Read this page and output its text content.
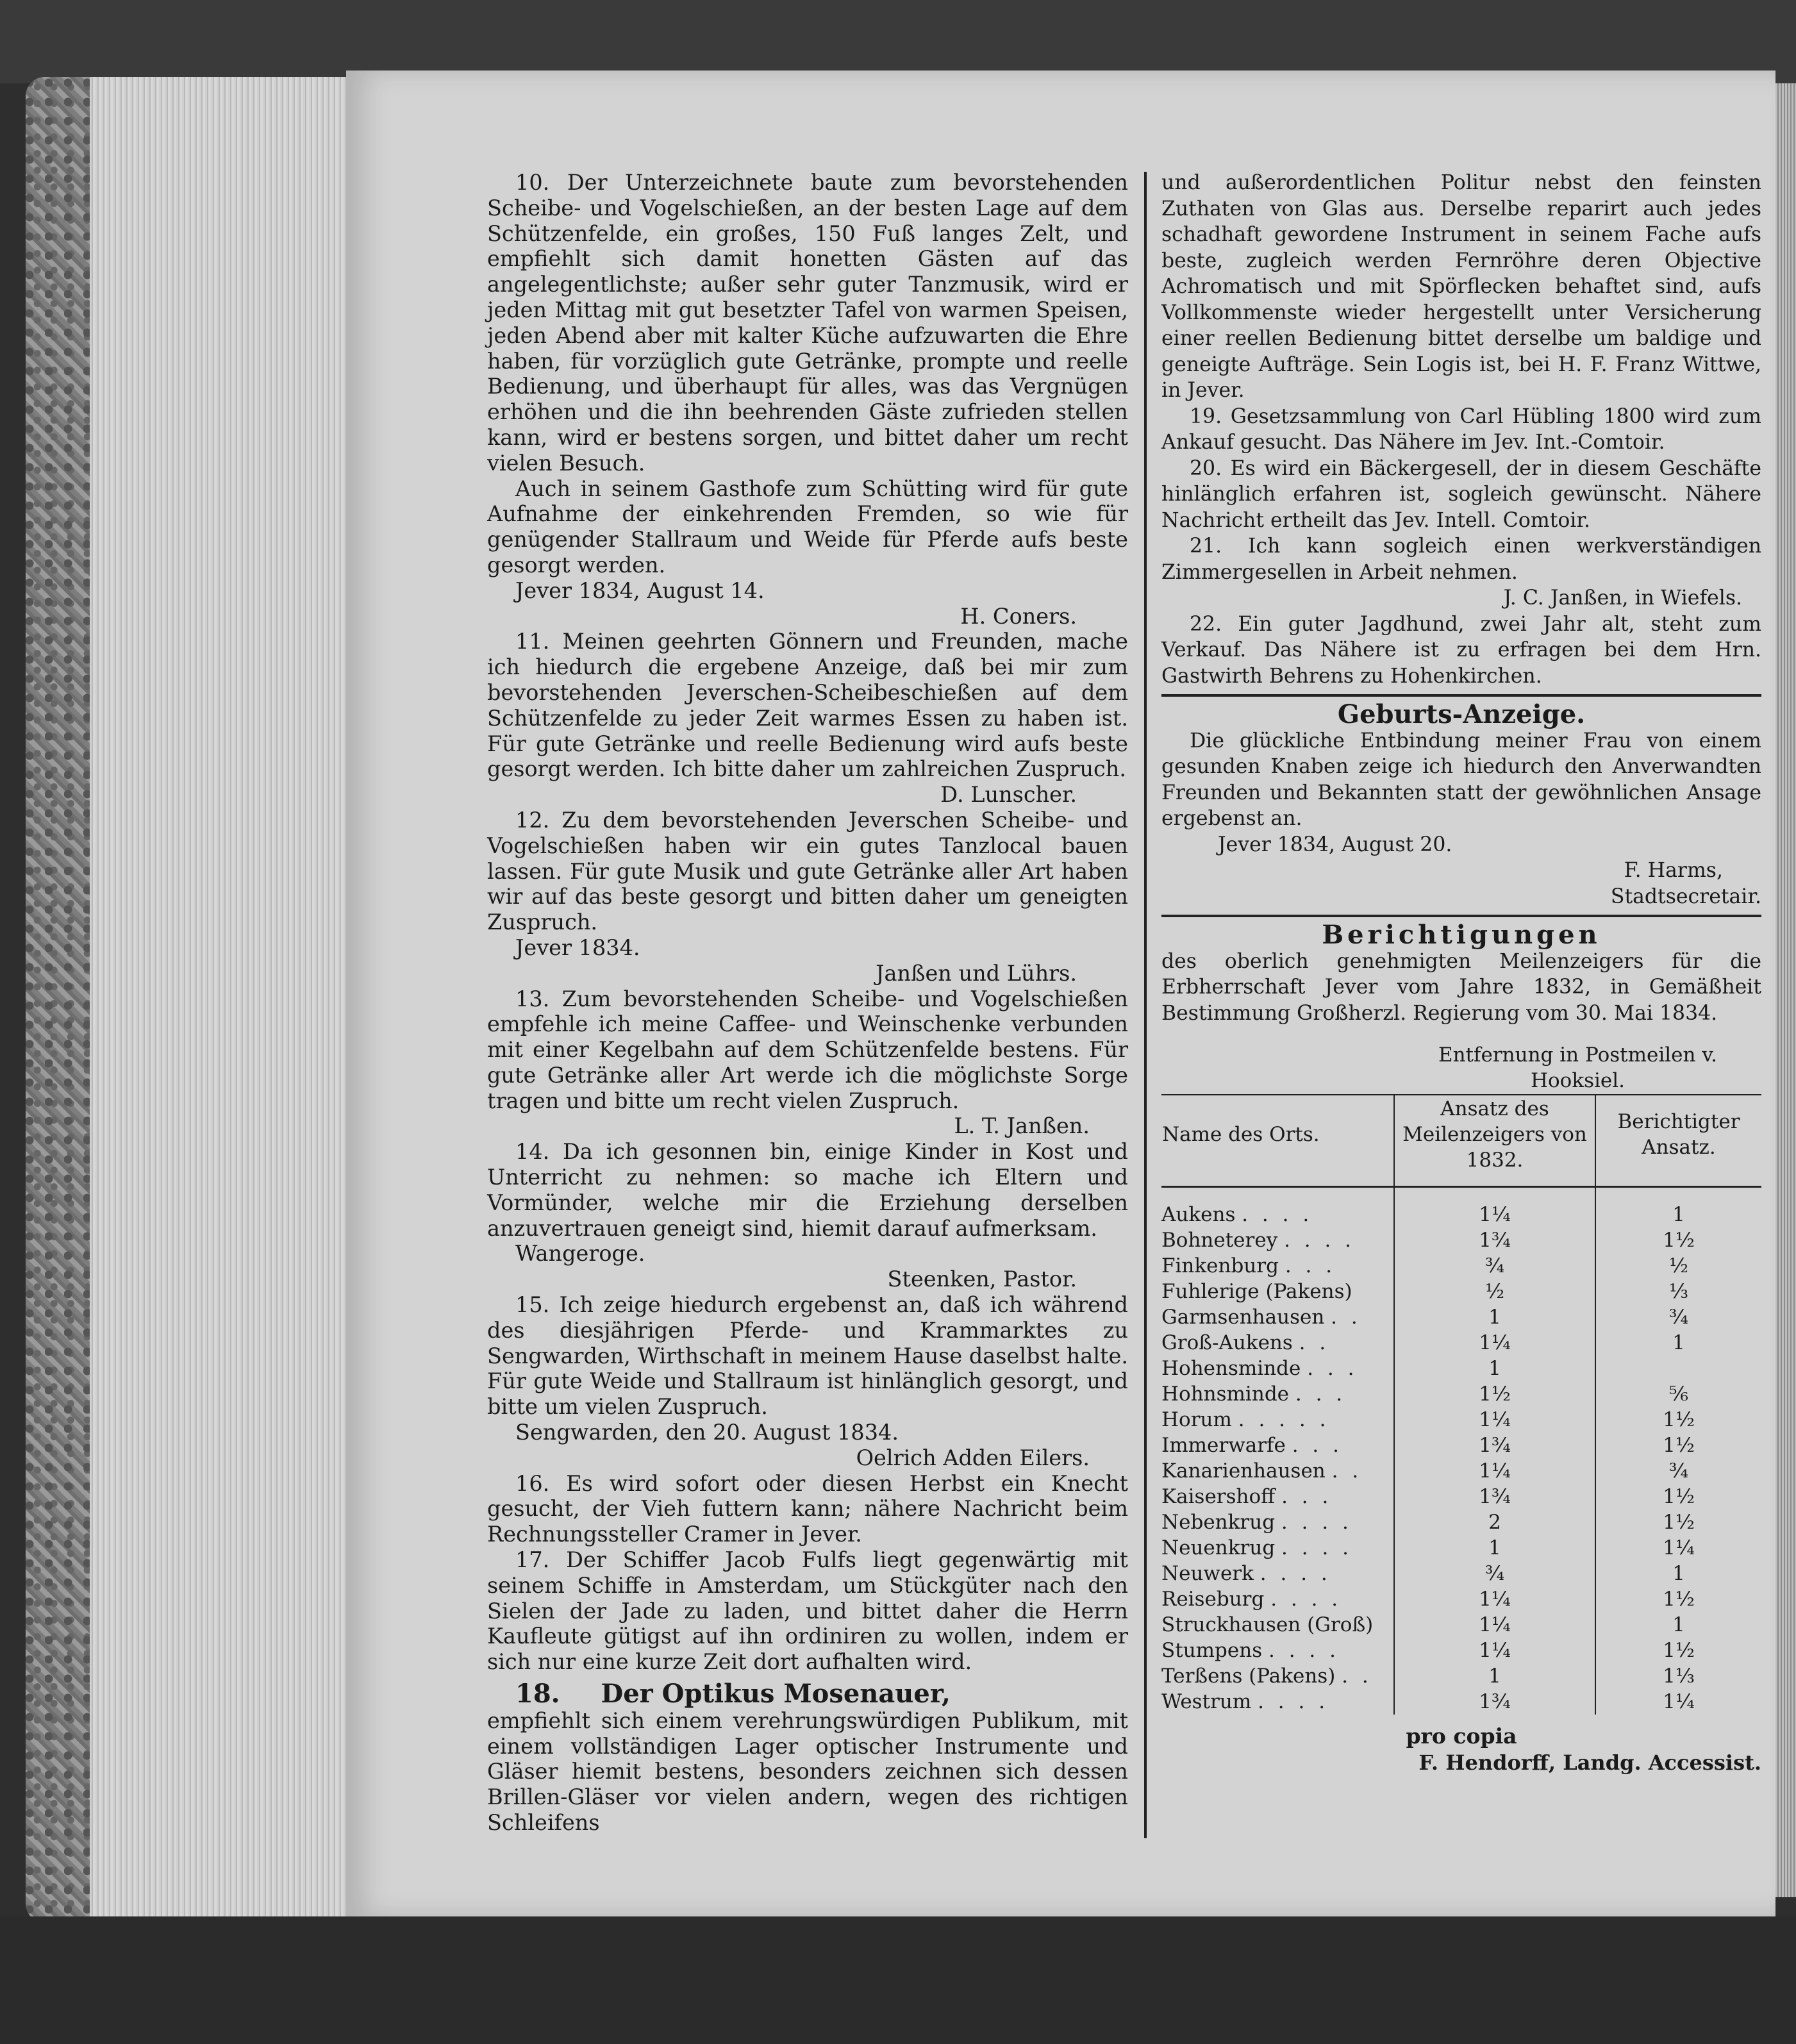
10. Der Unterzeichnete baute zum bevorstehenden Scheibe- und Vogelschießen, an der besten Lage auf dem Schützenfelde, ein großes, 150 Fuß langes Zelt, und empfiehlt sich damit honetten Gästen auf das angelegentlichste; außer sehr guter Tanzmusik, wird er jeden Mittag mit gut besetzter Tafel von warmen Speisen, jeden Abend aber mit kalter Küche aufzuwarten die Ehre haben, für vorzüglich gute Getränke, prompte und reelle Bedienung, und überhaupt für alles, was das Vergnügen erhöhen und die ihn beehrenden Gäste zufrieden stellen kann, wird er bestens sorgen, und bittet daher um recht vielen Besuch.

Auch in seinem Gasthofe zum Schütting wird für gute Aufnahme der einkehrenden Fremden, so wie für genügender Stallraum und Weide für Pferde aufs beste gesorgt werden.

Jever 1834, August 14.

H. Coners.

11. Meinen geehrten Gönnern und Freunden, mache ich hiedurch die ergebene Anzeige, daß bei mir zum bevorstehenden Jeverschen-Scheibeschießen auf dem Schützenfelde zu jeder Zeit warmes Essen zu haben ist. Für gute Getränke und reelle Bedienung wird aufs beste gesorgt werden. Ich bitte daher um zahlreichen Zuspruch.

D. Lunscher.

12. Zu dem bevorstehenden Jeverschen Scheibe- und Vogelschießen haben wir ein gutes Tanzlocal bauen lassen. Für gute Musik und gute Getränke aller Art haben wir auf das beste gesorgt und bitten daher um geneigten Zuspruch.

Jever 1834.

Janßen und Lührs.

13. Zum bevorstehenden Scheibe- und Vogelschießen empfehle ich meine Caffee- und Weinschenke verbunden mit einer Kegelbahn auf dem Schützenfelde bestens. Für gute Getränke aller Art werde ich die möglichste Sorge tragen und bitte um recht vielen Zuspruch.

L. T. Janßen.

14. Da ich gesonnen bin, einige Kinder in Kost und Unterricht zu nehmen: so mache ich Eltern und Vormünder, welche mir die Erziehung derselben anzuvertrauen geneigt sind, hiemit darauf aufmerksam.

Wangeroge.

Steenken, Pastor.

15. Ich zeige hiedurch ergebenst an, daß ich während des diesjährigen Pferde- und Krammarktes zu Sengwarden, Wirthschaft in meinem Hause daselbst halte. Für gute Weide und Stallraum ist hinlänglich gesorgt, und bitte um vielen Zuspruch.

Sengwarden, den 20. August 1834.

Oelrich Adden Eilers.

16. Es wird sofort oder diesen Herbst ein Knecht gesucht, der Vieh futtern kann; nähere Nachricht beim Rechnungssteller Cramer in Jever.

17. Der Schiffer Jacob Fulfs liegt gegenwärtig mit seinem Schiffe in Amsterdam, um Stückgüter nach den Sielen der Jade zu laden, und bittet daher die Herrn Kaufleute gütigst auf ihn ordiniren zu wollen, indem er sich nur eine kurze Zeit dort aufhalten wird.

18. Der Optikus Mosenauer,

empfiehlt sich einem verehrungswürdigen Publikum, mit einem vollständigen Lager optischer Instrumente und Gläser hiemit bestens, besonders zeichnen sich dessen Brillen-Gläser vor vielen andern, wegen des richtigen Schleifens

und außerordentlichen Politur nebst den feinsten Zuthaten von Glas aus. Derselbe reparirt auch jedes schadhaft gewordene Instrument in seinem Fache aufs beste, zugleich werden Fernröhre deren Objective Achromatisch und mit Spörflecken behaftet sind, aufs Vollkommenste wieder hergestellt unter Versicherung einer reellen Bedienung bittet derselbe um baldige und geneigte Aufträge. Sein Logis ist, bei H. F. Franz Wittwe, in Jever.

19. Gesetzsammlung von Carl Hübling 1800 wird zum Ankauf gesucht. Das Nähere im Jev. Int.-Comtoir.

20. Es wird ein Bäckergesell, der in diesem Geschäfte hinlänglich erfahren ist, sogleich gewünscht. Nähere Nachricht ertheilt das Jev. Intell. Comtoir.

21. Ich kann sogleich einen werkverständigen Zimmergesellen in Arbeit nehmen.

J. C. Janßen, in Wiefels.

22. Ein guter Jagdhund, zwei Jahr alt, steht zum Verkauf. Das Nähere ist zu erfragen bei dem Hrn. Gastwirth Behrens zu Hohenkirchen.

Geburts-Anzeige.

Die glückliche Entbindung meiner Frau von einem gesunden Knaben zeige ich hiedurch den Anverwandten Freunden und Bekannten statt der gewöhnlichen Ansage ergebenst an.

Jever 1834, August 20.

F. Harms,

Stadtsecretair.

Berichtigungen

des oberlich genehmigten Meilenzeigers für die Erbherrschaft Jever vom Jahre 1832, in Gemäßheit Bestimmung Großherzl. Regierung vom 30. Mai 1834.

	Entfernung in Postmeilen v. Hooksiel.	
Name des Orts.	Ansatz des Meilenzeigers von 1832.	Berichtigter Ansatz.
Aukens . . . .	1¼	1
Bohneterey . . . .	1¾	1½
Finkenburg . . .	¾	½
Fuhlerige (Pakens)	½	⅓
Garmsenhausen . .	1	¾
Groß-Aukens . .	1¼	1
Hohensminde . . .	1	
Hohnsminde . . .	1½	⅚
Horum . . . . .	1¼	1½
Immerwarfe . . .	1¾	1½
Kanarienhausen . .	1¼	¾
Kaisershoff . . .	1¾	1½
Nebenkrug . . . .	2	1½
Neuenkrug . . . .	1	1¼
Neuwerk . . . .	¾	1
Reiseburg . . . .	1¼	1½
Struckhausen (Groß)	1¼	1
Stumpens . . . .	1¼	1½
Terßens (Pakens) . .	1	1⅓
Westrum . . . .	1¾	1¼

pro copia

F. Hendorff, Landg. Accessist.
